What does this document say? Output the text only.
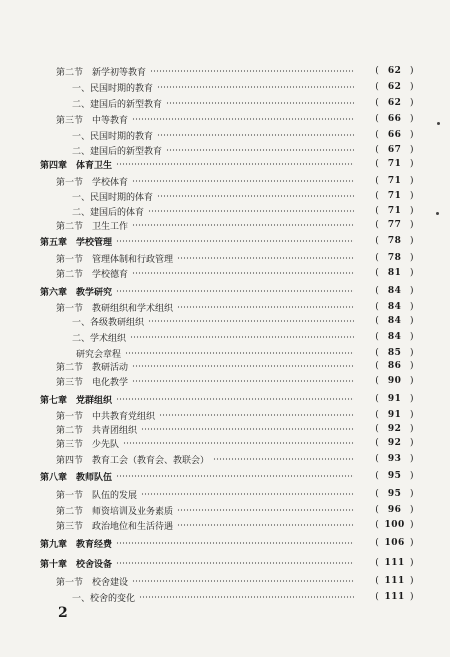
第二节　新学初等教育	( 62 )
一、民国时期的教育	( 62 )
二、建国后的新型教育	( 62 )
第三节　中等教育	( 66 )
一、民国时期的教育	( 66 )
二、建国后的新型教育	( 67 )
第四章　体育卫生	( 71 )
第一节　学校体育	( 71 )
一、民国时期的体育	( 71 )
二、建国后的体育	( 71 )
第二节　卫生工作	( 77 )
第五章　学校管理	( 78 )
第一节　管理体制和行政管理	( 78 )
第二节　学校德育	( 81 )
第六章　教学研究	( 84 )
第一节　教研组织和学术组织	( 84 )
一、各级教研组织	( 84 )
二、学术组织	( 84 )
研究会章程	( 85 )
第二节　教研活动	( 86 )
第三节　电化教学	( 90 )
第七章　党群组织	( 91 )
第一节　中共教育党组织	( 91 )
第二节　共青团组织	( 92 )
第三节　少先队	( 92 )
第四节　教育工会（教育会、教联会）	( 93 )
第八章　教师队伍	( 95 )
第一节　队伍的发展	( 95 )
第二节　师资培训及业务素质	( 96 )
第三节　政治地位和生活待遇	( 100 )
第九章　教育经费	( 106 )
第十章　校舍设备	( 111 )
第一节　校舍建设	( 111 )
一、校舍的变化	( 111 )
2
